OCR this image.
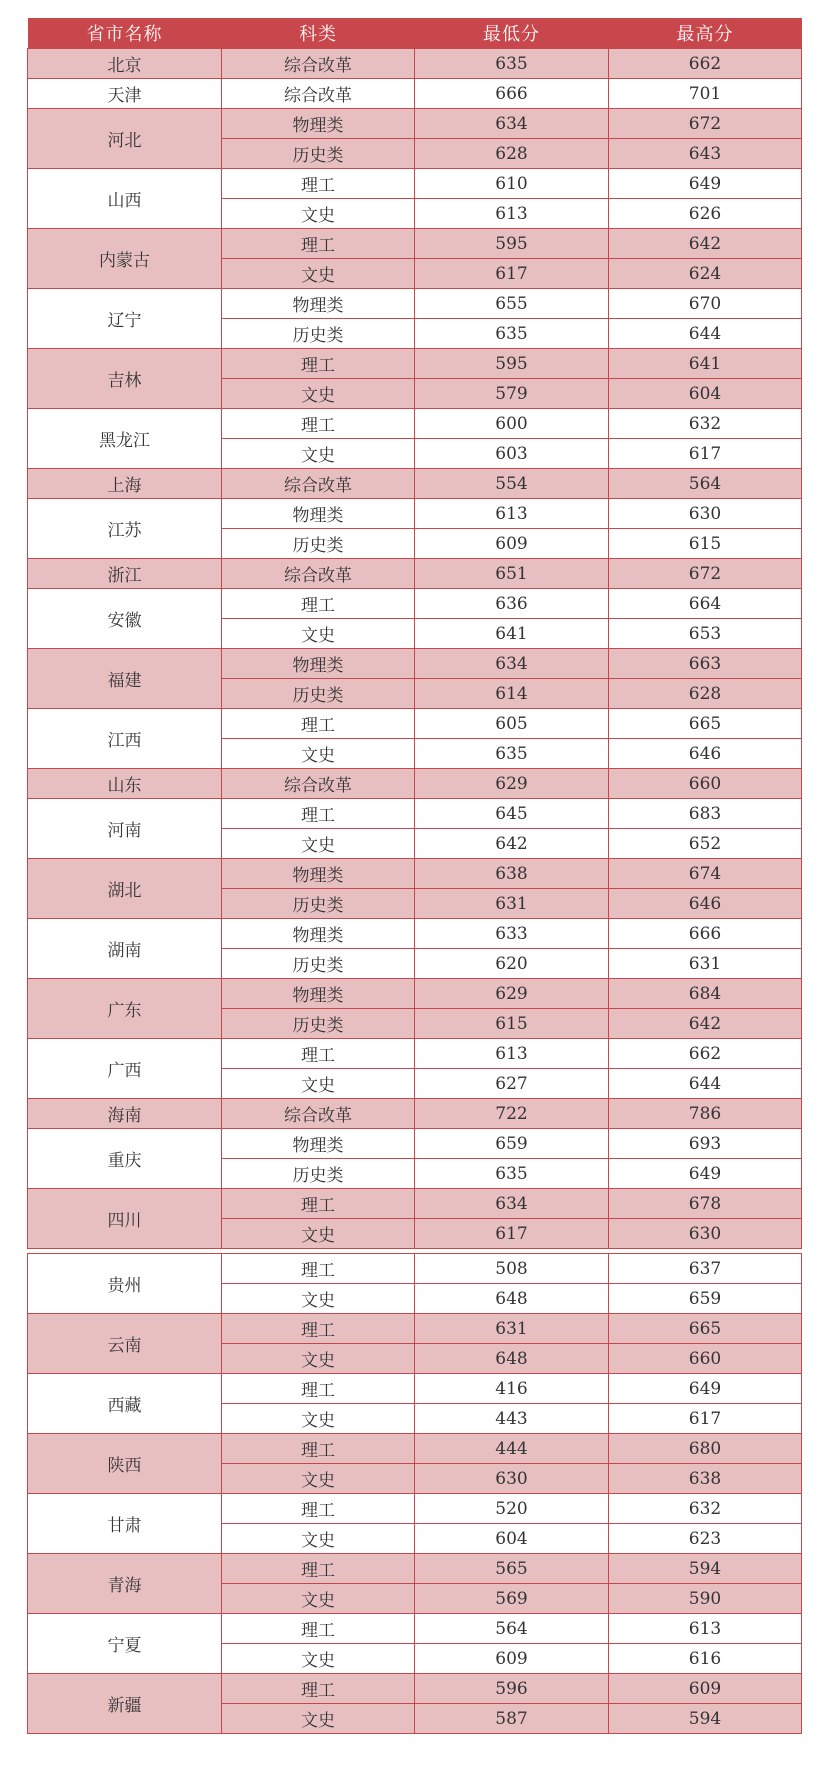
省市名称	科类	最低分	最高分
北京	综合改革	635	662
天津	综合改革	666	701
河北	物理类	634	672
	历史类	628	643
山西	理工	610	649
	文史	613	626
内蒙古	理工	595	642
	文史	617	624
辽宁	物理类	655	670
	历史类	635	644
吉林	理工	595	641
	文史	579	604
黑龙江	理工	600	632
	文史	603	617
上海	综合改革	554	564
江苏	物理类	613	630
	历史类	609	615
浙江	综合改革	651	672
安徽	理工	636	664
	文史	641	653
福建	物理类	634	663
	历史类	614	628
江西	理工	605	665
	文史	635	646
山东	综合改革	629	660
河南	理工	645	683
	文史	642	652
湖北	物理类	638	674
	历史类	631	646
湖南	物理类	633	666
	历史类	620	631
广东	物理类	629	684
	历史类	615	642
广西	理工	613	662
	文史	627	644
海南	综合改革	722	786
重庆	物理类	659	693
	历史类	635	649
四川	理工	634	678
	文史	617	630
贵州	理工	508	637
	文史	648	659
云南	理工	631	665
	文史	648	660
西藏	理工	416	649
	文史	443	617
陕西	理工	444	680
	文史	630	638
甘肃	理工	520	632
	文史	604	623
青海	理工	565	594
	文史	569	590
宁夏	理工	564	613
	文史	609	616
新疆	理工	596	609
	文史	587	594
